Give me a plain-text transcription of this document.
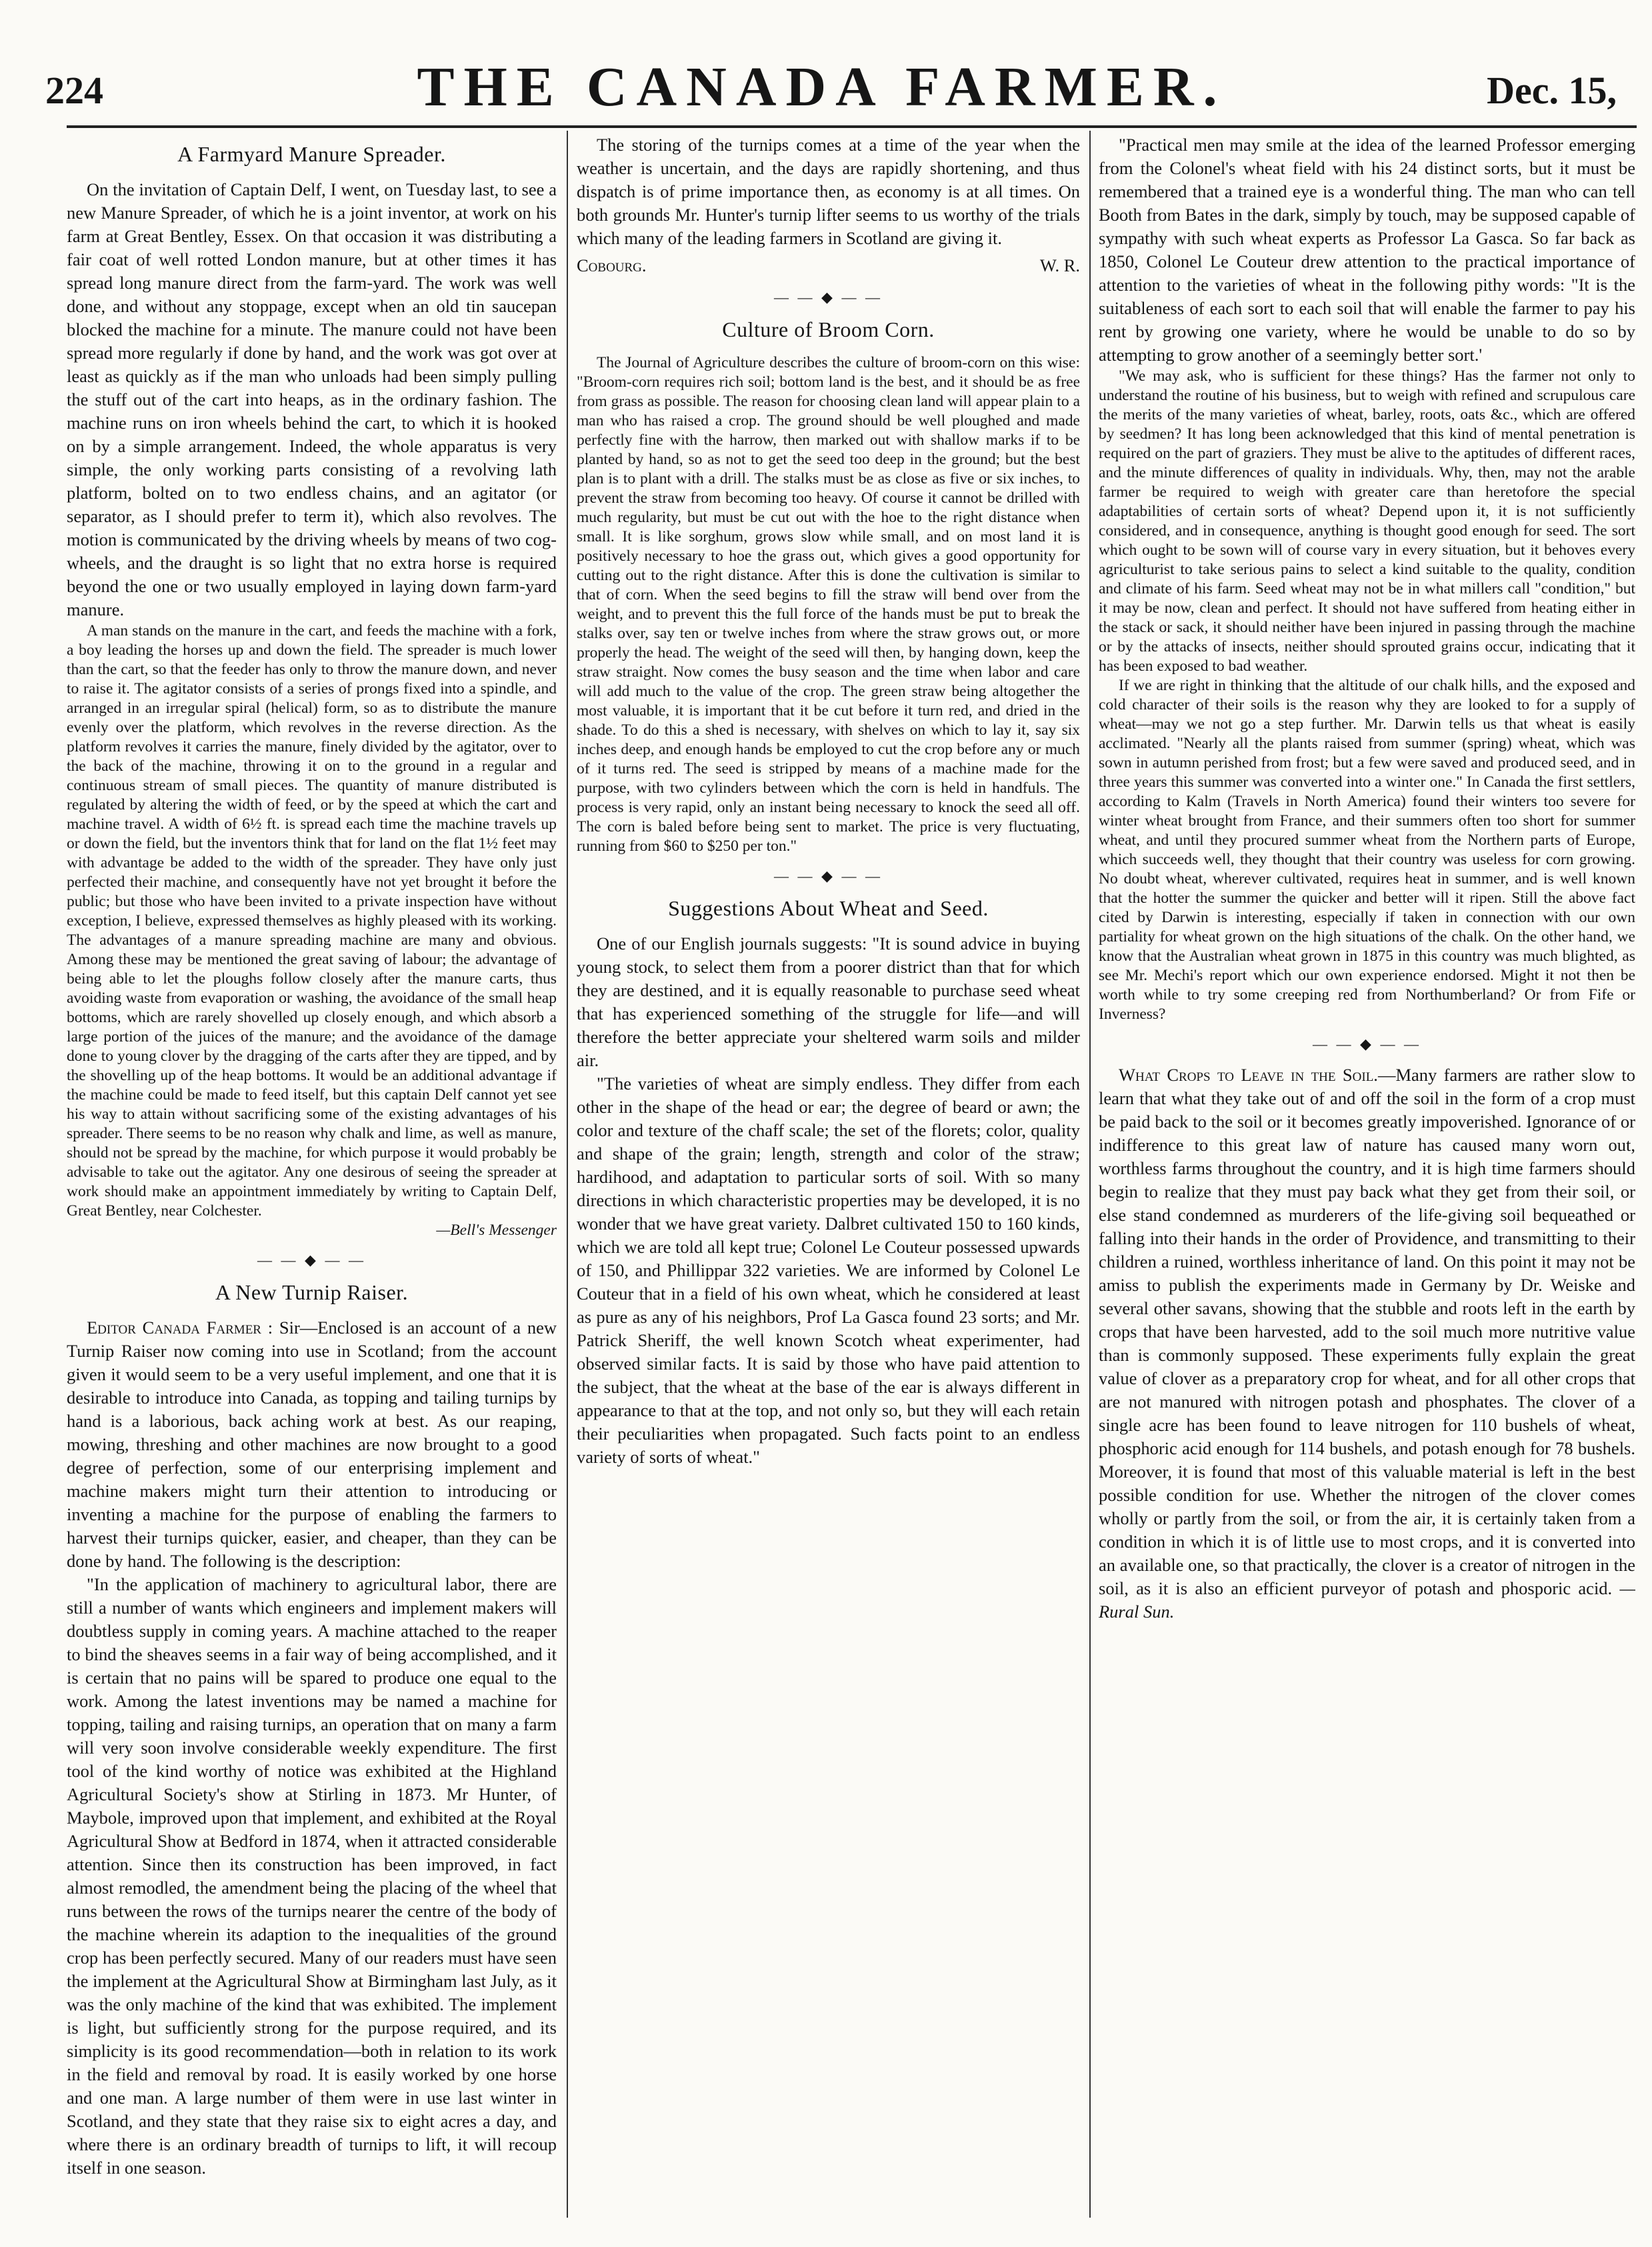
224	THE CANADA FARMER.	Dec. 15,
A Farmyard Manure Spreader.

On the invitation of Captain Delf, I went, on Tuesday last, to see a new Manure Spreader, of which he is a joint inventor, at work on his farm at Great Bentley, Essex. On that occasion it was distributing a fair coat of well rotted London manure, but at other times it has spread long manure direct from the farm-yard. The work was well done, and without any stoppage, except when an old tin saucepan blocked the machine for a minute. The manure could not have been spread more regularly if done by hand, and the work was got over at least as quickly as if the man who unloads had been simply pulling the stuff out of the cart into heaps, as in the ordinary fashion. The machine runs on iron wheels behind the cart, to which it is hooked on by a simple arrangement. Indeed, the whole apparatus is very simple, the only working parts consisting of a revolving lath platform, bolted on to two endless chains, and an agitator (or separator, as I should prefer to term it), which also revolves. The motion is communicated by the driving wheels by means of two cog-wheels, and the draught is so light that no extra horse is required beyond the one or two usually employed in laying down farm-yard manure.

A man stands on the manure in the cart, and feeds the machine with a fork, a boy leading the horses up and down the field. The spreader is much lower than the cart, so that the feeder has only to throw the manure down, and never to raise it. The agitator consists of a series of prongs fixed into a spindle, and arranged in an irregular spiral (helical) form, so as to distribute the manure evenly over the platform, which revolves in the reverse direction. As the platform revolves it carries the manure, finely divided by the agitator, over to the back of the machine, throwing it on to the ground in a regular and continuous stream of small pieces. The quantity of manure distributed is regulated by altering the width of feed, or by the speed at which the cart and machine travel. A width of 6½ ft. is spread each time the machine travels up or down the field, but the inventors think that for land on the flat 1½ feet may with advantage be added to the width of the spreader. They have only just perfected their machine, and consequently have not yet brought it before the public; but those who have been invited to a private inspection have without exception, I believe, expressed themselves as highly pleased with its working. The advantages of a manure spreading machine are many and obvious. Among these may be mentioned the great saving of labour; the advantage of being able to let the ploughs follow closely after the manure carts, thus avoiding waste from evaporation or washing, the avoidance of the small heap bottoms, which are rarely shovelled up closely enough, and which absorb a large portion of the juices of the manure; and the avoidance of the damage done to young clover by the dragging of the carts after they are tipped, and by the shovelling up of the heap bottoms. It would be an additional advantage if the machine could be made to feed itself, but this captain Delf cannot yet see his way to attain without sacrificing some of the existing advantages of his spreader. There seems to be no reason why chalk and lime, as well as manure, should not be spread by the machine, for which purpose it would probably be advisable to take out the agitator. Any one desirous of seeing the spreader at work should make an appointment immediately by writing to Captain Delf, Great Bentley, near Colchester.

—Bell's Messenger
— — ◆ — —
A New Turnip Raiser.

Editor Canada Farmer : Sir—Enclosed is an account of a new Turnip Raiser now coming into use in Scotland; from the account given it would seem to be a very useful implement, and one that it is desirable to introduce into Canada, as topping and tailing turnips by hand is a laborious, back aching work at best. As our reaping, mowing, threshing and other machines are now brought to a good degree of perfection, some of our enterprising implement and machine makers might turn their attention to introducing or inventing a machine for the purpose of enabling the farmers to harvest their turnips quicker, easier, and cheaper, than they can be done by hand. The following is the description:

"In the application of machinery to agricultural labor, there are still a number of wants which engineers and implement makers will doubtless supply in coming years. A machine attached to the reaper to bind the sheaves seems in a fair way of being accomplished, and it is certain that no pains will be spared to produce one equal to the work. Among the latest inventions may be named a machine for topping, tailing and raising turnips, an operation that on many a farm will very soon involve considerable weekly expenditure. The first tool of the kind worthy of notice was exhibited at the Highland Agricultural Society's show at Stirling in 1873. Mr Hunter, of Maybole, improved upon that implement, and exhibited at the Royal Agricultural Show at Bedford in 1874, when it attracted considerable attention. Since then its construction has been improved, in fact almost remodled, the amendment being the placing of the wheel that runs between the rows of the turnips nearer the centre of the body of the machine wherein its adaption to the inequalities of the ground crop has been perfectly secured. Many of our readers must have seen the implement at the Agricultural Show at Birmingham last July, as it was the only machine of the kind that was exhibited. The implement is light, but sufficiently strong for the purpose required, and its simplicity is its good recommendation—both in relation to its work in the field and removal by road. It is easily worked by one horse and one man. A large number of them were in use last winter in Scotland, and they state that they raise six to eight acres a day, and where there is an ordinary breadth of turnips to lift, it will recoup itself in one season.

The storing of the turnips comes at a time of the year when the weather is uncertain, and the days are rapidly shortening, and thus dispatch is of prime importance then, as economy is at all times. On both grounds Mr. Hunter's turnip lifter seems to us worthy of the trials which many of the leading farmers in Scotland are giving it.

Cobourg.	W. R.
— — ◆ — —
Culture of Broom Corn.

The Journal of Agriculture describes the culture of broom-corn on this wise: "Broom-corn requires rich soil; bottom land is the best, and it should be as free from grass as possible. The reason for choosing clean land will appear plain to a man who has raised a crop. The ground should be well ploughed and made perfectly fine with the harrow, then marked out with shallow marks if to be planted by hand, so as not to get the seed too deep in the ground; but the best plan is to plant with a drill. The stalks must be as close as five or six inches, to prevent the straw from becoming too heavy. Of course it cannot be drilled with much regularity, but must be cut out with the hoe to the right distance when small. It is like sorghum, grows slow while small, and on most land it is positively necessary to hoe the grass out, which gives a good opportunity for cutting out to the right distance. After this is done the cultivation is similar to that of corn. When the seed begins to fill the straw will bend over from the weight, and to prevent this the full force of the hands must be put to break the stalks over, say ten or twelve inches from where the straw grows out, or more properly the head. The weight of the seed will then, by hanging down, keep the straw straight. Now comes the busy season and the time when labor and care will add much to the value of the crop. The green straw being altogether the most valuable, it is important that it be cut before it turn red, and dried in the shade. To do this a shed is necessary, with shelves on which to lay it, say six inches deep, and enough hands be employed to cut the crop before any or much of it turns red. The seed is stripped by means of a machine made for the purpose, with two cylinders between which the corn is held in handfuls. The process is very rapid, only an instant being necessary to knock the seed all off. The corn is baled before being sent to market. The price is very fluctuating, running from $60 to $250 per ton."

— — ◆ — —
Suggestions About Wheat and Seed.

One of our English journals suggests: "It is sound advice in buying young stock, to select them from a poorer district than that for which they are destined, and it is equally reasonable to purchase seed wheat that has experienced something of the struggle for life—and will therefore the better appreciate your sheltered warm soils and milder air.

"The varieties of wheat are simply endless. They differ from each other in the shape of the head or ear; the degree of beard or awn; the color and texture of the chaff scale; the set of the florets; color, quality and shape of the grain; length, strength and color of the straw; hardihood, and adaptation to particular sorts of soil. With so many directions in which characteristic properties may be developed, it is no wonder that we have great variety. Dalbret cultivated 150 to 160 kinds, which we are told all kept true; Colonel Le Couteur possessed upwards of 150, and Phillippar 322 varieties. We are informed by Colonel Le Couteur that in a field of his own wheat, which he considered at least as pure as any of his neighbors, Prof La Gasca found 23 sorts; and Mr. Patrick Sheriff, the well known Scotch wheat experimenter, had observed similar facts. It is said by those who have paid attention to the subject, that the wheat at the base of the ear is always different in appearance to that at the top, and not only so, but they will each retain their peculiarities when propagated. Such facts point to an endless variety of sorts of wheat."

"Practical men may smile at the idea of the learned Professor emerging from the Colonel's wheat field with his 24 distinct sorts, but it must be remembered that a trained eye is a wonderful thing. The man who can tell Booth from Bates in the dark, simply by touch, may be supposed capable of sympathy with such wheat experts as Professor La Gasca. So far back as 1850, Colonel Le Couteur drew attention to the practical importance of attention to the varieties of wheat in the following pithy words: "It is the suitableness of each sort to each soil that will enable the farmer to pay his rent by growing one variety, where he would be unable to do so by attempting to grow another of a seemingly better sort.'

"We may ask, who is sufficient for these things? Has the farmer not only to understand the routine of his business, but to weigh with refined and scrupulous care the merits of the many varieties of wheat, barley, roots, oats &c., which are offered by seedmen? It has long been acknowledged that this kind of mental penetration is required on the part of graziers. They must be alive to the aptitudes of different races, and the minute differences of quality in individuals. Why, then, may not the arable farmer be required to weigh with greater care than heretofore the special adaptabilities of certain sorts of wheat? Depend upon it, it is not sufficiently considered, and in consequence, anything is thought good enough for seed. The sort which ought to be sown will of course vary in every situation, but it behoves every agriculturist to take serious pains to select a kind suitable to the quality, condition and climate of his farm. Seed wheat may not be in what millers call "condition," but it may be now, clean and perfect. It should not have suffered from heating either in the stack or sack, it should neither have been injured in passing through the machine or by the attacks of insects, neither should sprouted grains occur, indicating that it has been exposed to bad weather.

If we are right in thinking that the altitude of our chalk hills, and the exposed and cold character of their soils is the reason why they are looked to for a supply of wheat—may we not go a step further. Mr. Darwin tells us that wheat is easily acclimated. "Nearly all the plants raised from summer (spring) wheat, which was sown in autumn perished from frost; but a few were saved and produced seed, and in three years this summer was converted into a winter one." In Canada the first settlers, according to Kalm (Travels in North America) found their winters too severe for winter wheat brought from France, and their summers often too short for summer wheat, and until they procured summer wheat from the Northern parts of Europe, which succeeds well, they thought that their country was useless for corn growing. No doubt wheat, wherever cultivated, requires heat in summer, and is well known that the hotter the summer the quicker and better will it ripen. Still the above fact cited by Darwin is interesting, especially if taken in connection with our own partiality for wheat grown on the high situations of the chalk. On the other hand, we know that the Australian wheat grown in 1875 in this country was much blighted, as see Mr. Mechi's report which our own experience endorsed. Might it not then be worth while to try some creeping red from Northumberland? Or from Fife or Inverness?

— — ◆ — —

What Crops to Leave in the Soil.—Many farmers are rather slow to learn that what they take out of and off the soil in the form of a crop must be paid back to the soil or it becomes greatly impoverished. Ignorance of or indifference to this great law of nature has caused many worn out, worthless farms throughout the country, and it is high time farmers should begin to realize that they must pay back what they get from their soil, or else stand condemned as murderers of the life-giving soil bequeathed or falling into their hands in the order of Providence, and transmitting to their children a ruined, worthless inheritance of land. On this point it may not be amiss to publish the experiments made in Germany by Dr. Weiske and several other savans, showing that the stubble and roots left in the earth by crops that have been harvested, add to the soil much more nutritive value than is commonly supposed. These experiments fully explain the great value of clover as a preparatory crop for wheat, and for all other crops that are not manured with nitrogen potash and phosphates. The clover of a single acre has been found to leave nitrogen for 110 bushels of wheat, phosphoric acid enough for 114 bushels, and potash enough for 78 bushels. Moreover, it is found that most of this valuable material is left in the best possible condition for use. Whether the nitrogen of the clover comes wholly or partly from the soil, or from the air, it is certainly taken from a condition in which it is of little use to most crops, and it is converted into an available one, so that practically, the clover is a creator of nitrogen in the soil, as it is also an efficient purveyor of potash and phosporic acid. —Rural Sun.
